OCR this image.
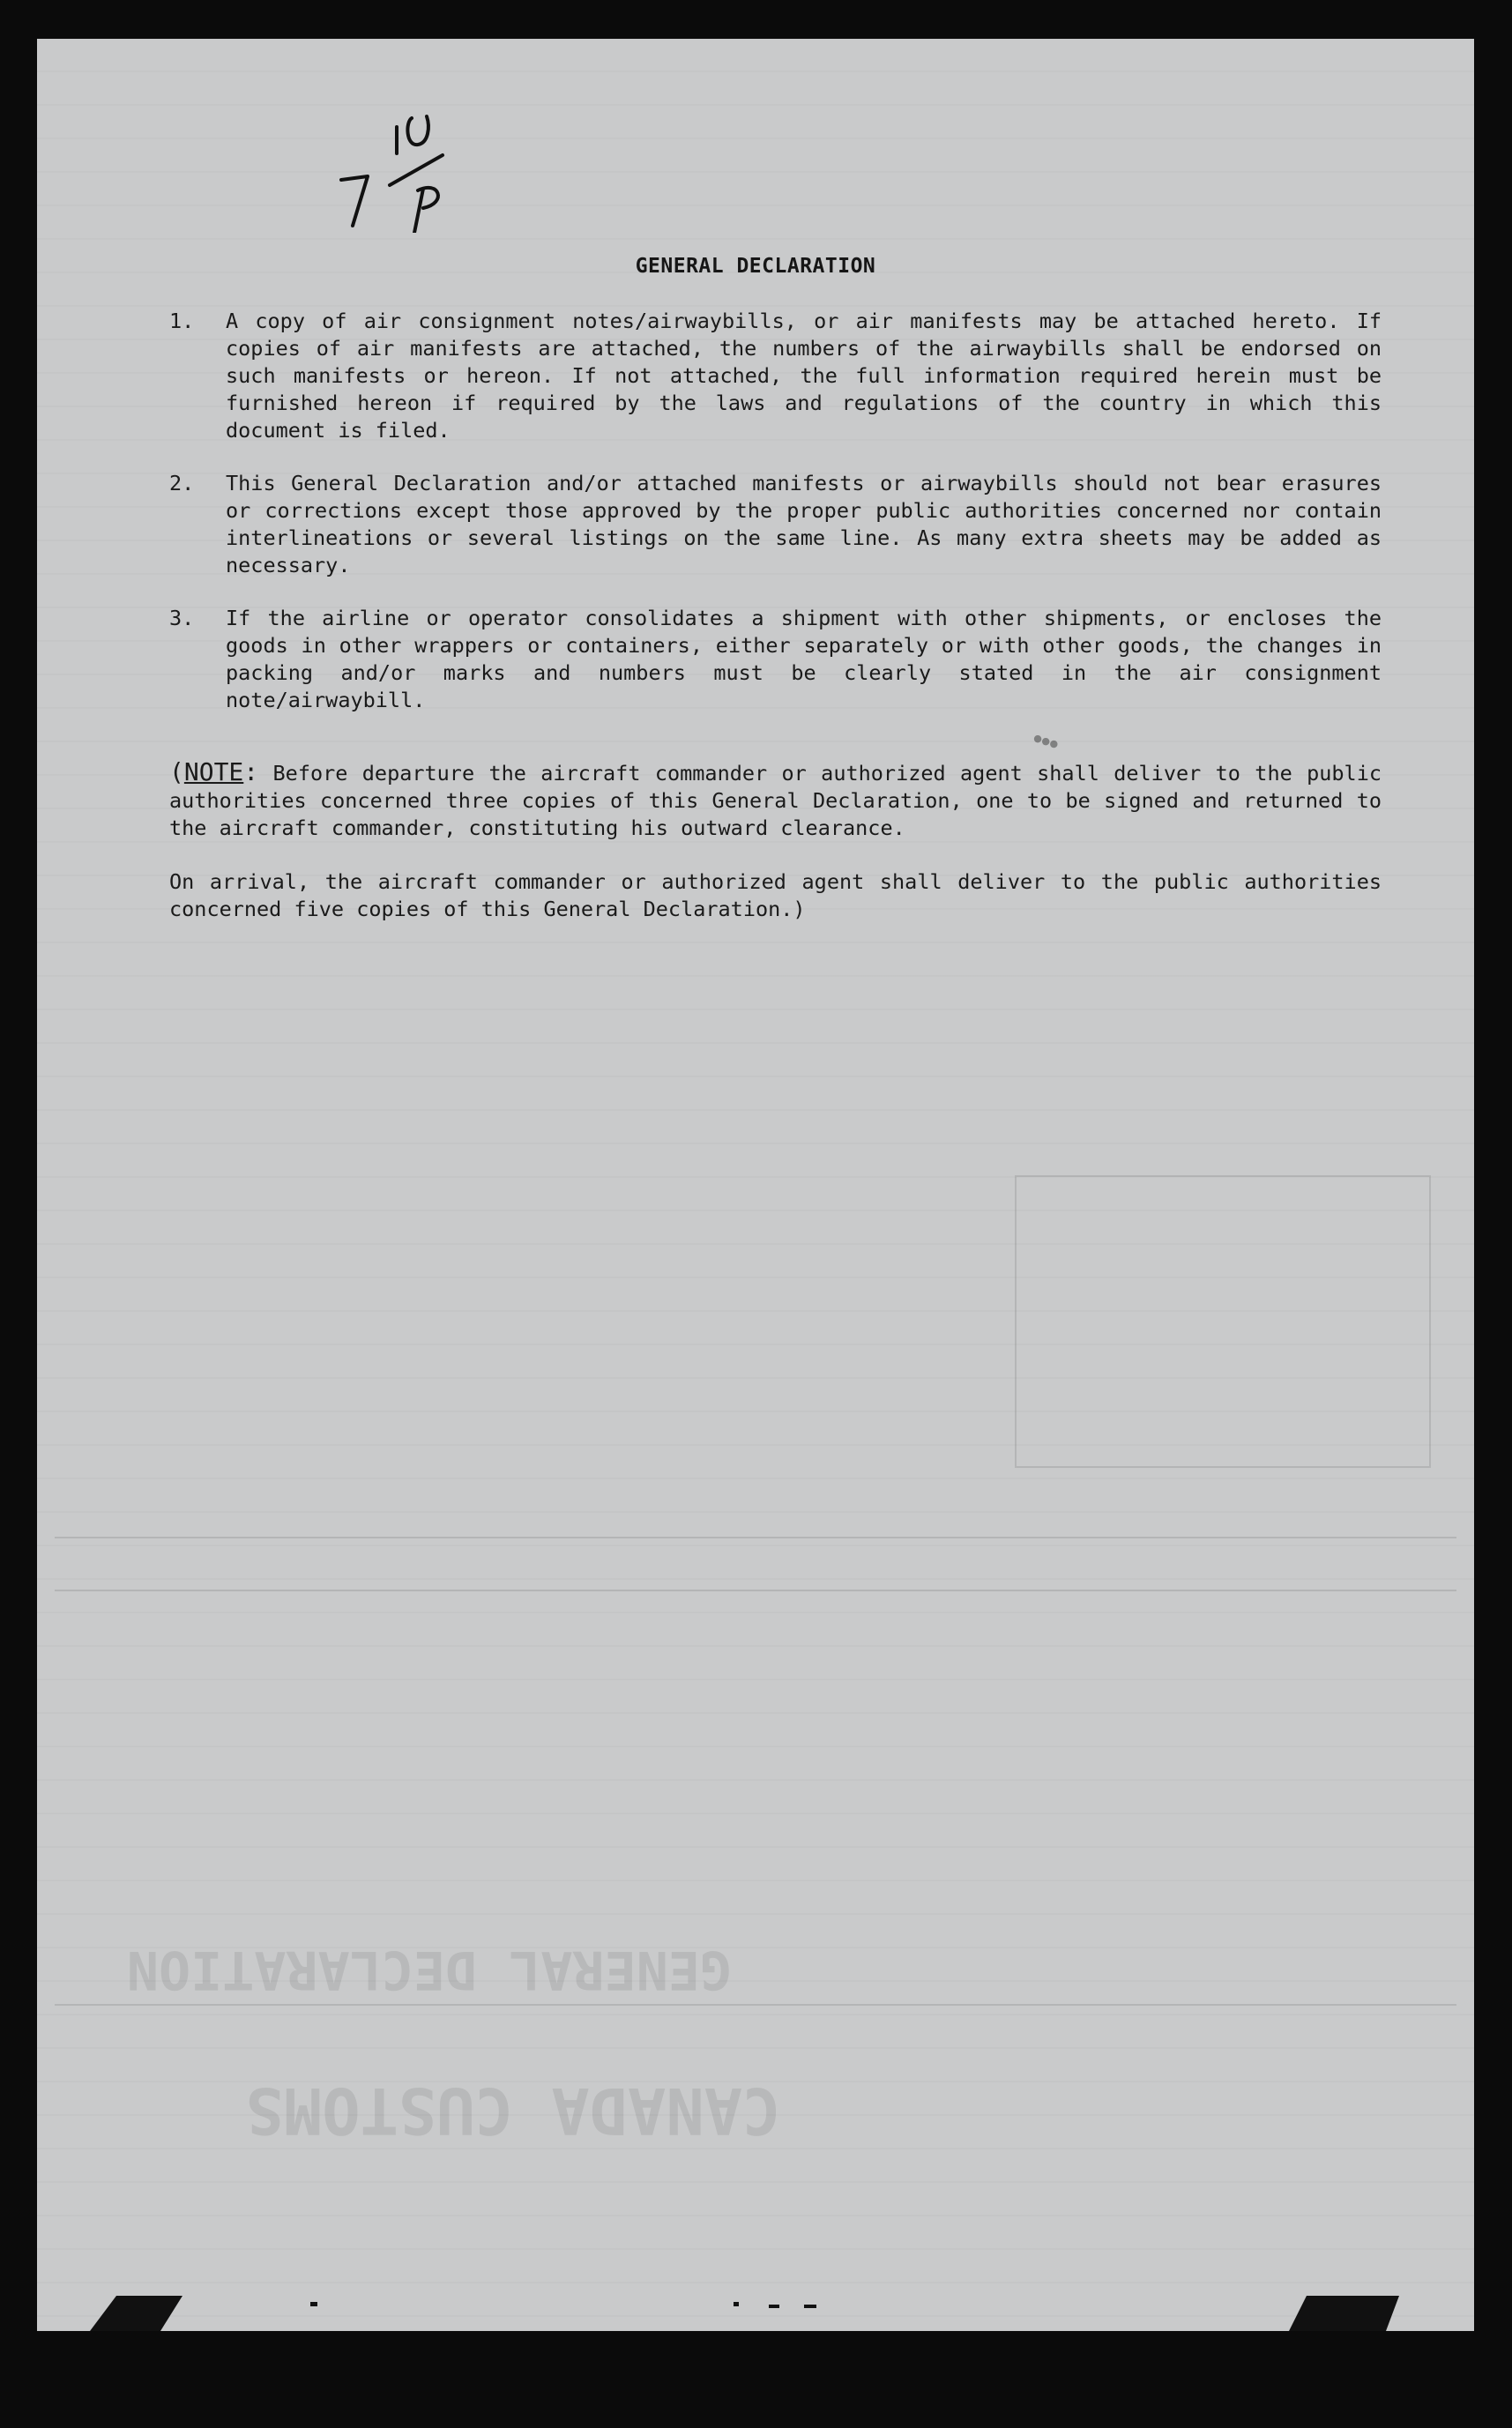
GENERAL DECLARATION
CANADA CUSTOMS
●●●
GENERAL DECLARATION
1.	A copy of air consignment notes/airwaybills, or air manifests may be attached hereto. If copies of air manifests are attached, the numbers of the airwaybills shall be endorsed on such manifests or hereon. If not attached, the full information required herein must be furnished hereon if required by the laws and regulations of the country in which this document is filed.
2.	This General Declaration and/or attached manifests or airwaybills should not bear erasures or corrections except those approved by the proper public authorities concerned nor contain interlineations or several listings on the same line. As many extra sheets may be added as necessary.
3.	If the airline or operator consolidates a shipment with other shipments, or encloses the goods in other wrappers or containers, either separately or with other goods, the changes in packing and/or marks and numbers must be clearly stated in the air consignment note/airwaybill.
(NOTE: Before departure the aircraft commander or authorized agent shall deliver to the public authorities concerned three copies of this General Declaration, one to be signed and returned to the aircraft commander, constituting his outward clearance.
On arrival, the aircraft commander or authorized agent shall deliver to the public authorities concerned five copies of this General Declaration.)
